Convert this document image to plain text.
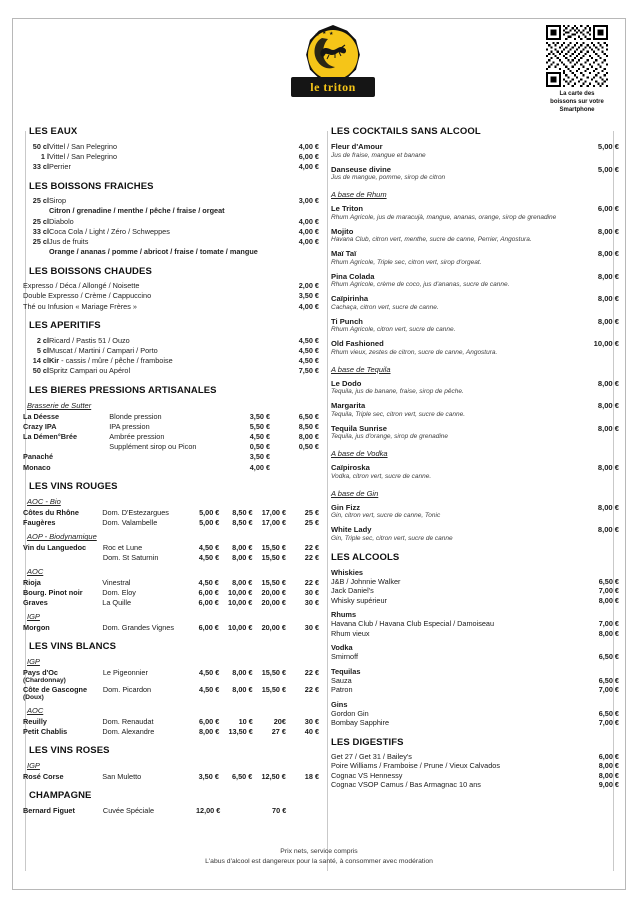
★ ★ ★
le triton	La carte des
boissons sur votre
Smartphone
LES EAUX
50 cl	Vittel / San Pelegrino	4,00 €
1 l	Vittel / San Pelegrino	6,00 €
33 cl	Perrier	4,00 €
LES BOISSONS FRAICHES
25 cl	Sirop	3,00 €
	Citron / grenadine / menthe / pêche / fraise / orgeat	
25 cl	Diabolo	4,00 €
33 cl	Coca Cola / Light / Zéro / Schweppes	4,00 €
25 cl	Jus de fruits	4,00 €
	Orange / ananas / pomme / abricot / fraise / tomate / mangue	
LES BOISSONS CHAUDES
Expresso / Déca / Allongé / Noisette	2,00 €
Double Expresso / Crème / Cappuccino	3,50 €
Thé ou Infusion « Mariage Frères »	4,00 €
LES APERITIFS
2 cl	Ricard / Pastis 51 / Ouzo	4,50 €
5 cl	Muscat / Martini / Campari / Porto	4,50 €
14 cl	Kir - cassis / mûre / pêche / framboise	4,50 €
50 cl	Spritz Campari ou Apérol	7,50 €
LES BIERES PRESSIONS ARTISANALES
Brasserie de Sutter
La Déesse	Blonde pression	3,50 €	6,50 €
Crazy IPA	IPA pression	5,50 €	8,50 €
La Démen°Brée	Ambrée pression	4,50 €	8,00 €
	Supplément sirop ou Picon	0,50 €	0,50 €
Panaché		3,50 €	
Monaco		4,00 €	
LES VINS ROUGES
AOC - Bio
Côtes du Rhône	Dom. D'Estezargues	5,00 €	8,50 €	17,00 €	25 €
Faugères	Dom. Valambelle	5,00 €	8,50 €	17,00 €	25 €
AOP - Biodynamique
Vin du Languedoc	Roc et Lune	4,50 €	8,00 €	15,50 €	22 €
	Dom. St Saturnin	4,50 €	8,00 €	15,50 €	22 €
AOC
Rioja	Vinestral	4,50 €	8,00 €	15,50 €	22 €
Bourg. Pinot noir	Dom. Eloy	6,00 €	10,00 €	20,00 €	30 €
Graves	La Quille	6,00 €	10,00 €	20,00 €	30 €
IGP
Morgon	Dom. Grandes Vignes	6,00 €	10,00 €	20,00 €	30 €
LES VINS BLANCS
IGP
Pays d'Oc
(Chardonnay)	Le Pigeonnier	4,50 €	8,00 €	15,50 €	22 €
Côte de Gascogne
(Doux)	Dom. Picardon	4,50 €	8,00 €	15,50 €	22 €
AOC
Reuilly	Dom. Renaudat	6,00 €	10 €	20€	30 €
Petit Chablis	Dom. Alexandre	8,00 €	13,50 €	27 €	40 €
LES VINS ROSES
IGP
Rosé Corse	San Muletto	3,50 €	6,50 €	12,50 €	18 €
CHAMPAGNE
Bernard Figuet	Cuvée Spéciale	12,00 €		70 €	
LES COCKTAILS SANS ALCOOL
Fleur d'Amour	5,00 €
Jus de fraise, mangue et banane
Danseuse divine	5,00 €
Jus de mangue, pomme, sirop de citron
A base de Rhum
Le Triton	6,00 €
Rhum Agricole, jus de maracujà, mangue, ananas, orange, sirop de grenadine
Mojito	8,00 €
Havana Club, citron vert, menthe, sucre de canne, Perrier, Angostura.
Maï Taï	8,00 €
Rhum Agricole, Triple sec, citron vert, sirop d'orgeat.
Pina Colada	8,00 €
Rhum Agricole, crème de coco, jus d'ananas, sucre de canne.
Caïpirinha	8,00 €
Cachaça, citron vert, sucre de canne.
Ti Punch	8,00 €
Rhum Agricole, citron vert, sucre de canne.
Old Fashioned	10,00 €
Rhum vieux, zestes de citron, sucre de canne, Angostura.
A base de Tequila
Le Dodo	8,00 €
Tequila, jus de banane, fraise, sirop de pêche.
Margarita	8,00 €
Tequila, Triple sec, citron vert, sucre de canne.
Tequila Sunrise	8,00 €
Tequila, jus d'orange, sirop de grenadine
A base de Vodka
Caïpiroska	8,00 €
Vodka, citron vert, sucre de canne.
A base de Gin
Gin Fizz	8,00 €
Gin, citron vert, sucre de canne, Tonic
White Lady	8,00 €
Gin, Triple sec, citron vert, sucre de canne
LES ALCOOLS
Whiskies
J&B / Johnnie Walker	6,50 €
Jack Daniel's	7,00 €
Whisky supérieur	8,00 €
Rhums
Havana Club / Havana Club Especial / Damoiseau	7,00 €
Rhum vieux	8,00 €
Vodka
Smirnoff	6,50 €
Tequilas
Sauza	6,50 €
Patron	7,00 €
Gins
Gordon Gin	6,50 €
Bombay Sapphire	7,00 €
LES DIGESTIFS
Get 27 / Get 31 / Bailey's	6,00 €
Poire Williams / Framboise / Prune / Vieux Calvados	8,00 €
Cognac VS Hennessy	8,00 €
Cognac VSOP Camus / Bas Armagnac 10 ans	9,00 €
Prix nets, service compris
L'abus d'alcool est dangereux pour la santé, à consommer avec modération
